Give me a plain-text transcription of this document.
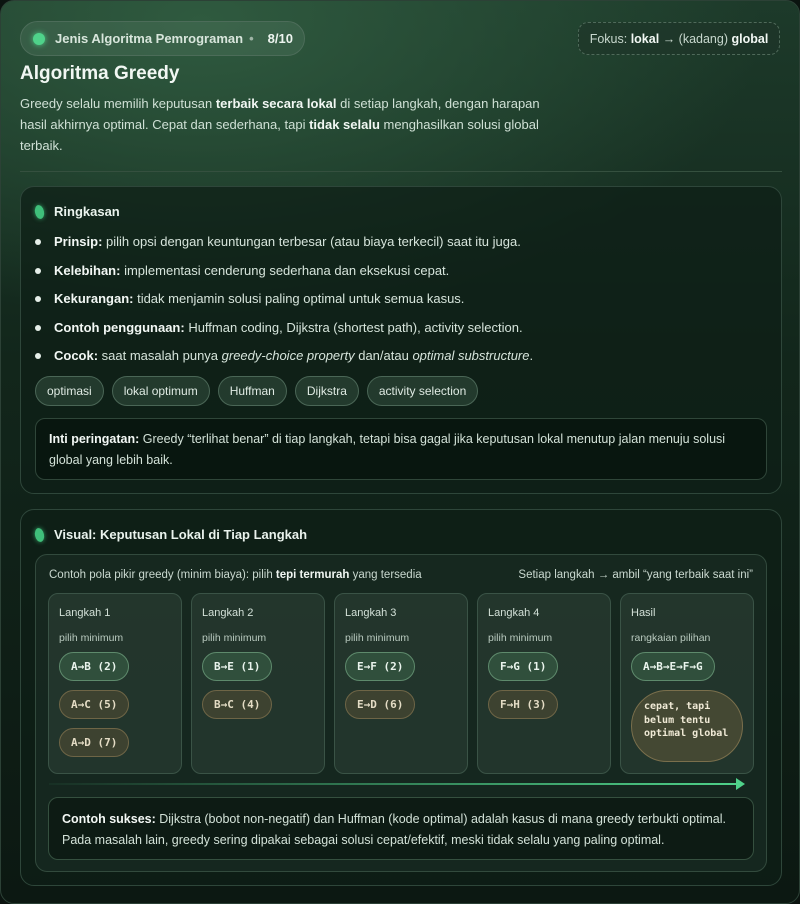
Jenis Algoritma Pemrograman • 8/10	Fokus:
lokal
→ (kadang)
global
Algoritma Greedy

Greedy selalu memilih keputusan terbaik secara lokal di setiap langkah, dengan harapan hasil akhirnya optimal. Cepat dan sederhana, tapi tidak selalu menghasilkan solusi global terbaik.

Ringkasan
Prinsip: pilih opsi dengan keuntungan terbesar (atau biaya terkecil) saat itu juga.
Kelebihan: implementasi cenderung sederhana dan eksekusi cepat.
Kekurangan: tidak menjamin solusi paling optimal untuk semua kasus.
Contoh penggunaan: Huffman coding, Dijkstra (shortest path), activity selection.
Cocok: saat masalah punya greedy-choice property dan/atau optimal substructure.
optimasi	lokal optimum	Huffman	Dijkstra	activity selection
Inti peringatan: Greedy “terlihat benar” di tiap langkah, tetapi bisa gagal jika keputusan lokal menutup jalan menuju solusi global yang lebih baik.
Visual: Keputusan Lokal di Tiap Langkah
Contoh pola pikir greedy (minim biaya): pilih tepi termurah yang tersedia	Setiap langkah → ambil “yang terbaik saat ini”
Langkah 1
pilih minimum
A→B (2)
A→C (5)
A→D (7)
Langkah 2
pilih minimum
B→E (1)
B→C (4)
Langkah 3
pilih minimum
E→F (2)
E→D (6)
Langkah 4
pilih minimum
F→G (1)
F→H (3)
Hasil
rangkaian pilihan
A→B→E→F→G
cepat, tapi belum tentu optimal global
Contoh sukses: Dijkstra (bobot non-negatif) dan Huffman (kode optimal) adalah kasus di mana greedy terbukti optimal. Pada masalah lain, greedy sering dipakai sebagai solusi cepat/efektif, meski tidak selalu yang paling optimal.
